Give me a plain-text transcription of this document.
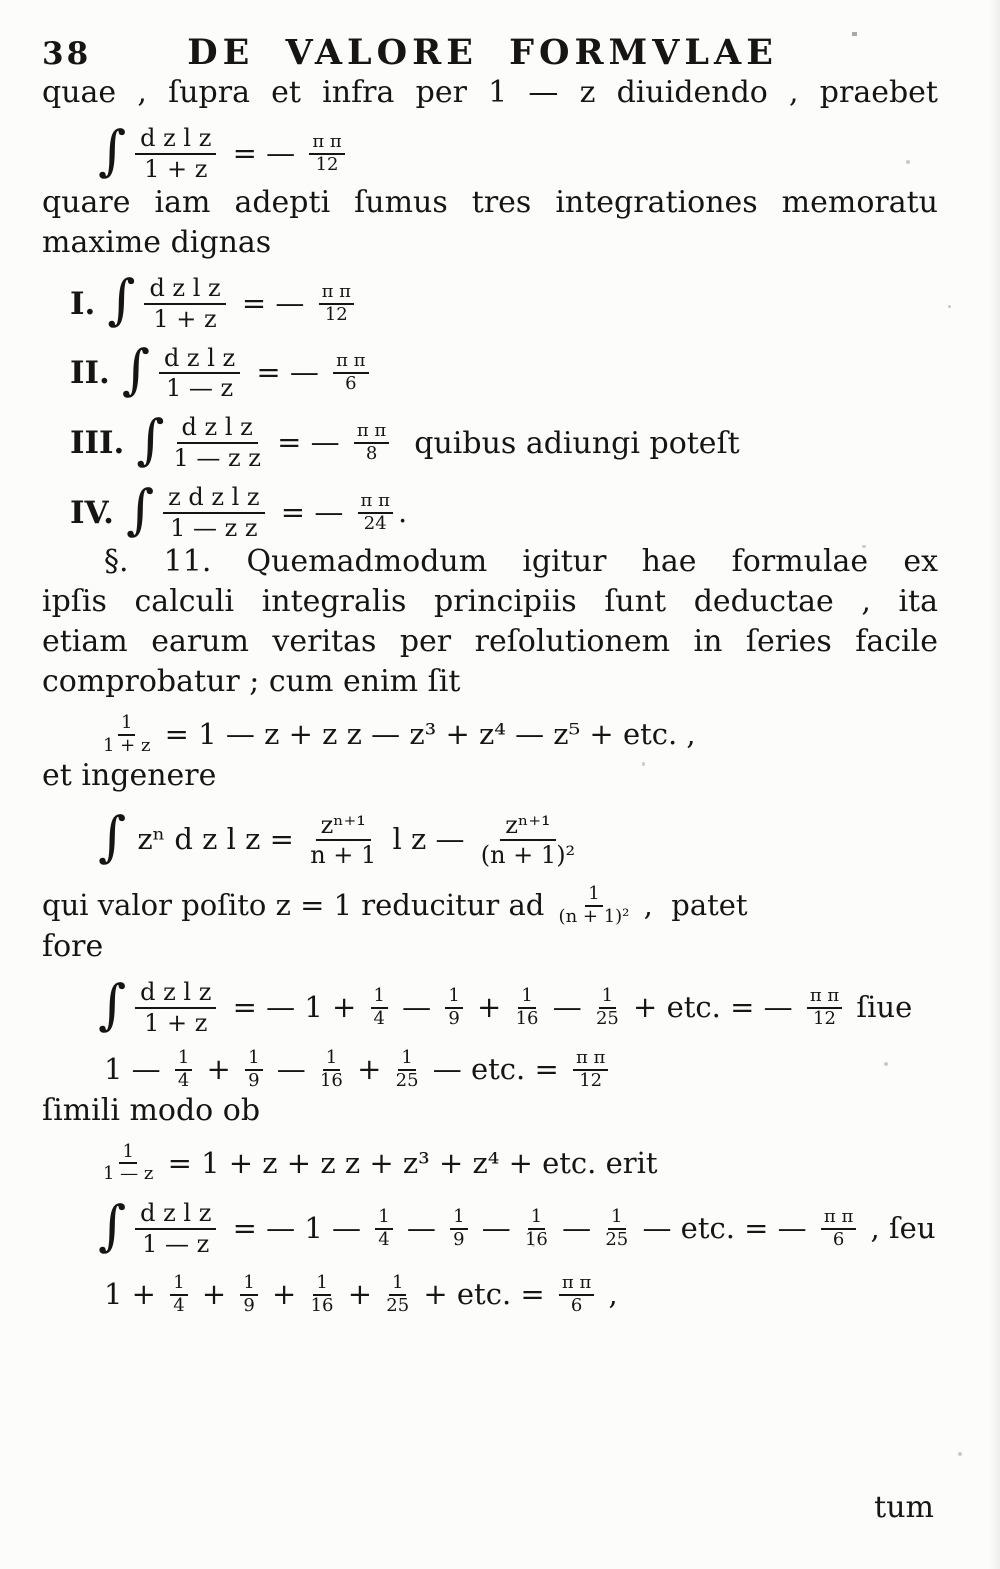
38	DE VALORE FORMVLAE

quae , ſupra et infra per 1 — z diuidendo , praebet

∫ $\frac{\text{d z l z}}{1 + z}$ = — $\frac{\text{π π}}{12}$

quare iam adepti ſumus tres integrationes memoratu

maxime dignas

I. ∫ $\frac{\text{d z l z}}{1 + z}$ = — $\frac{\text{π π}}{12}$
II. ∫ $\frac{\text{d z l z}}{1 — z}$ = — $\frac{\text{π π}}{6}$
III. ∫ $\frac{\text{d z l z}}{\text{1 — z z}}$ = — $\frac{\text{π π}}{8}$ quibus adiungi poteſt
IV. ∫ $\frac{\text{z d z l z}}{\text{1 — z z}}$ = — $\frac{\text{π π}}{24}$ .

§. 11. Quemadmodum igitur hae formulae ex

ipſis calculi integralis principiis ſunt deductae , ita

etiam earum veritas per reſolutionem in ſeries facile

comprobatur ; cum enim ſit

$\frac{1}{1 + z} = 1$ — z + z z — z³ + z⁴ — z⁵ + etc. ,

et ingenere

∫ zⁿ d z l $z = \frac{\text{zⁿ⁺¹}}{n + 1}$ l z — $\frac{\text{zⁿ⁺¹}}{\text{(n + 1)²}}$
qui valor poſito z = 1 reducitur ad $\frac{1}{\text{(n + 1)²}}$ ,  patet

fore

∫ $\frac{\text{d z l z}}{1 + z}$ = — $1 + \frac{1}{4}$ — $\frac{1}{9} + \frac{1}{16}$ — $\frac{1}{25}$ + etc. = — $\frac{\text{π π}}{12}$ ſiue
1 — $\frac{1}{4} + \frac{1}{9}$ — $\frac{1}{16} + \frac{1}{25}$ — etc. = $\frac{\text{π π}}{12}$

ſimili modo ob

$\frac{1}{1 — z} = 1 + z + z$ z + z³ + z⁴ + etc. erit
∫ $\frac{\text{d z l z}}{1 — z}$ = — 1 — $\frac{1}{4}$ — $\frac{1}{9}$ — $\frac{1}{16}$ — $\frac{1}{25}$ — etc. = — $\frac{\text{π π}}{6}$ , ſeu
$1 + \frac{1}{4} + \frac{1}{9} + \frac{1}{16} + \frac{1}{25}$ + etc. = $\frac{\text{π π}}{6}$ ,
tum
